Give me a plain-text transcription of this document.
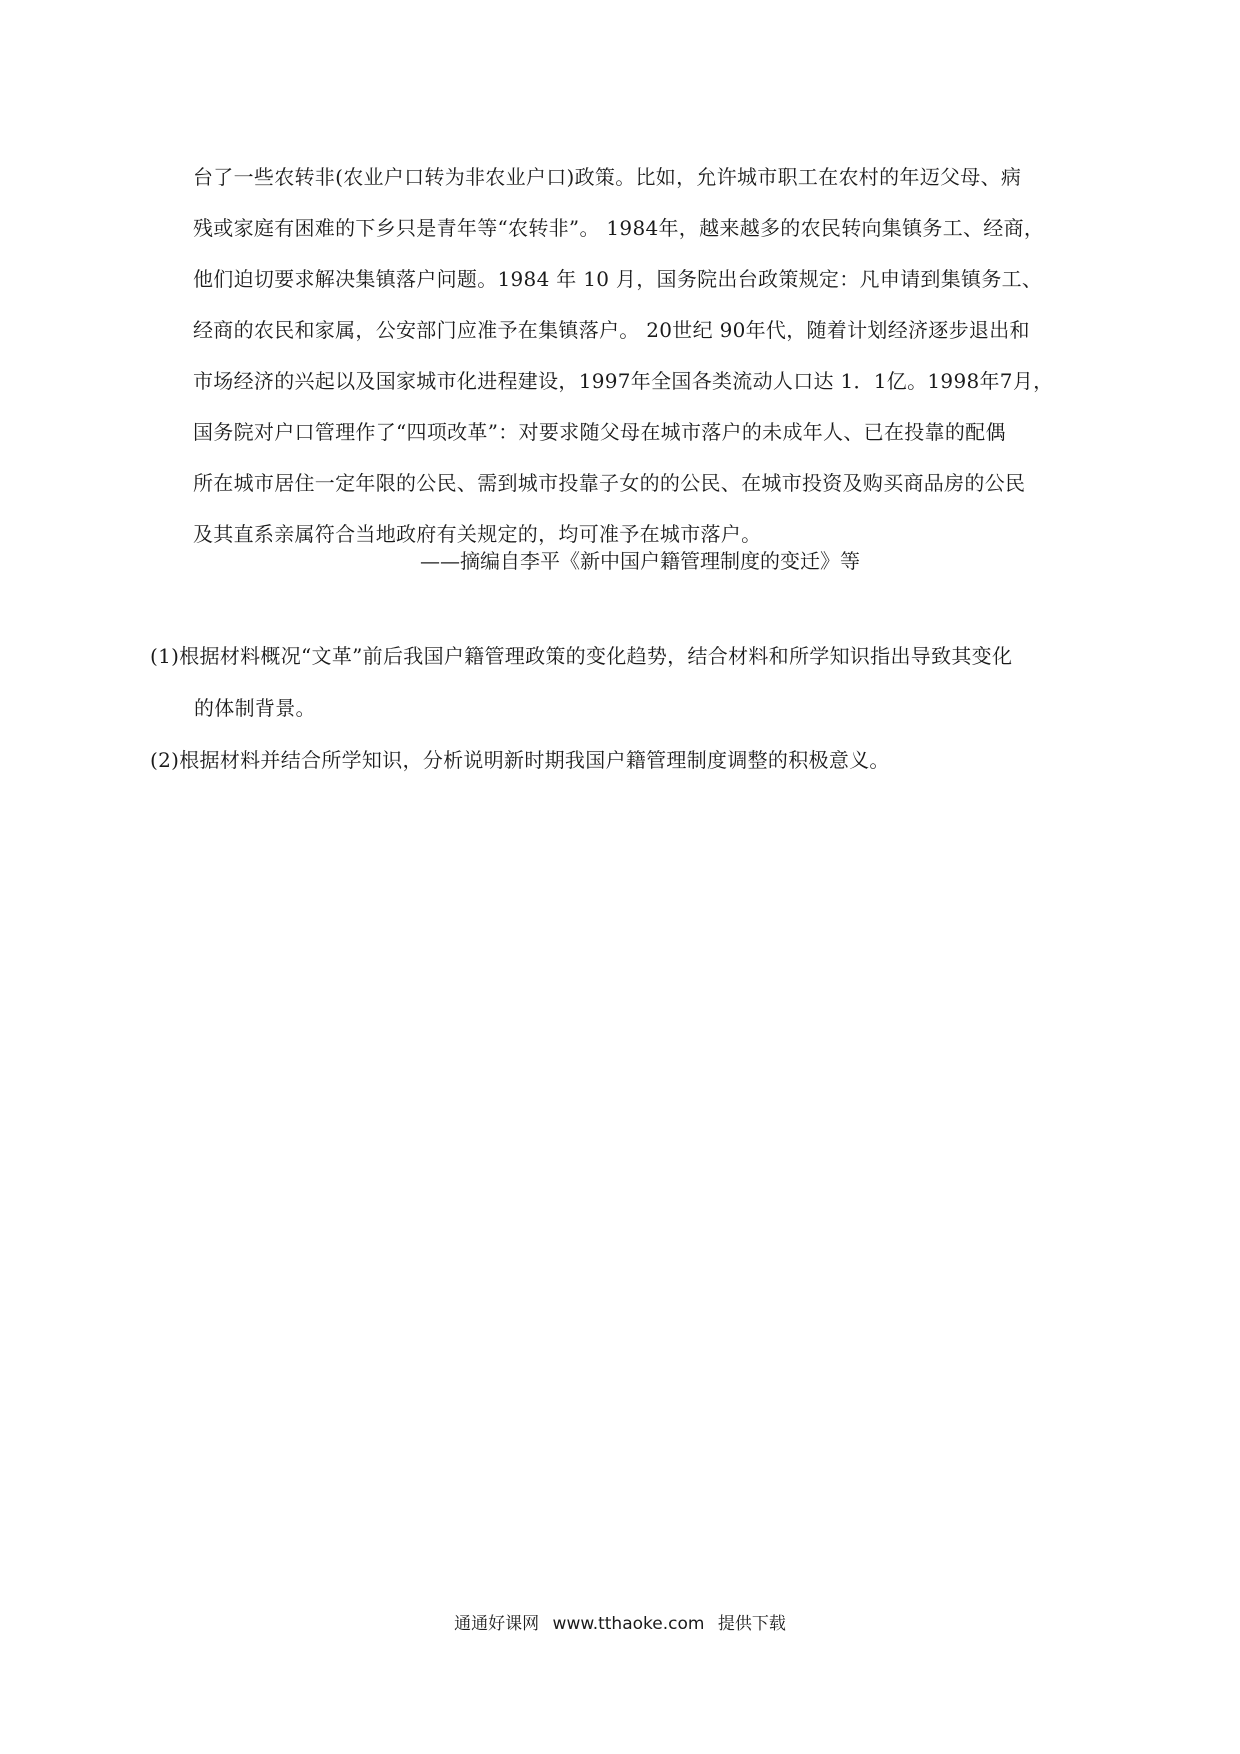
台了一些农转非(农业户口转为非农业户口)政策。比如，允许城市职工在农村的年迈父母、病
残或家庭有困难的下乡只是青年等“农转非”。 1984年，越来越多的农民转向集镇务工、经商，
他们迫切要求解决集镇落户问题。1984 年 10 月，国务院出台政策规定：凡申请到集镇务工、
经商的农民和家属，公安部门应准予在集镇落户。 20世纪 90年代，随着计划经济逐步退出和
市场经济的兴起以及国家城市化进程建设，1997年全国各类流动人口达 1．1亿。1998年7月，
国务院对户口管理作了“四项改革”：对要求随父母在城市落户的未成年人、已在投靠的配偶
所在城市居住一定年限的公民、需到城市投靠子女的的公民、在城市投资及购买商品房的公民
及其直系亲属符合当地政府有关规定的，均可准予在城市落户。
——摘编自李平《新中国户籍管理制度的变迁》等
(1)根据材料概况“文革”前后我国户籍管理政策的变化趋势，结合材料和所学知识指出导致其变化
的体制背景。
(2)根据材料并结合所学知识，分析说明新时期我国户籍管理制度调整的积极意义。
通通好课网 www.tthaoke.com 提供下载
